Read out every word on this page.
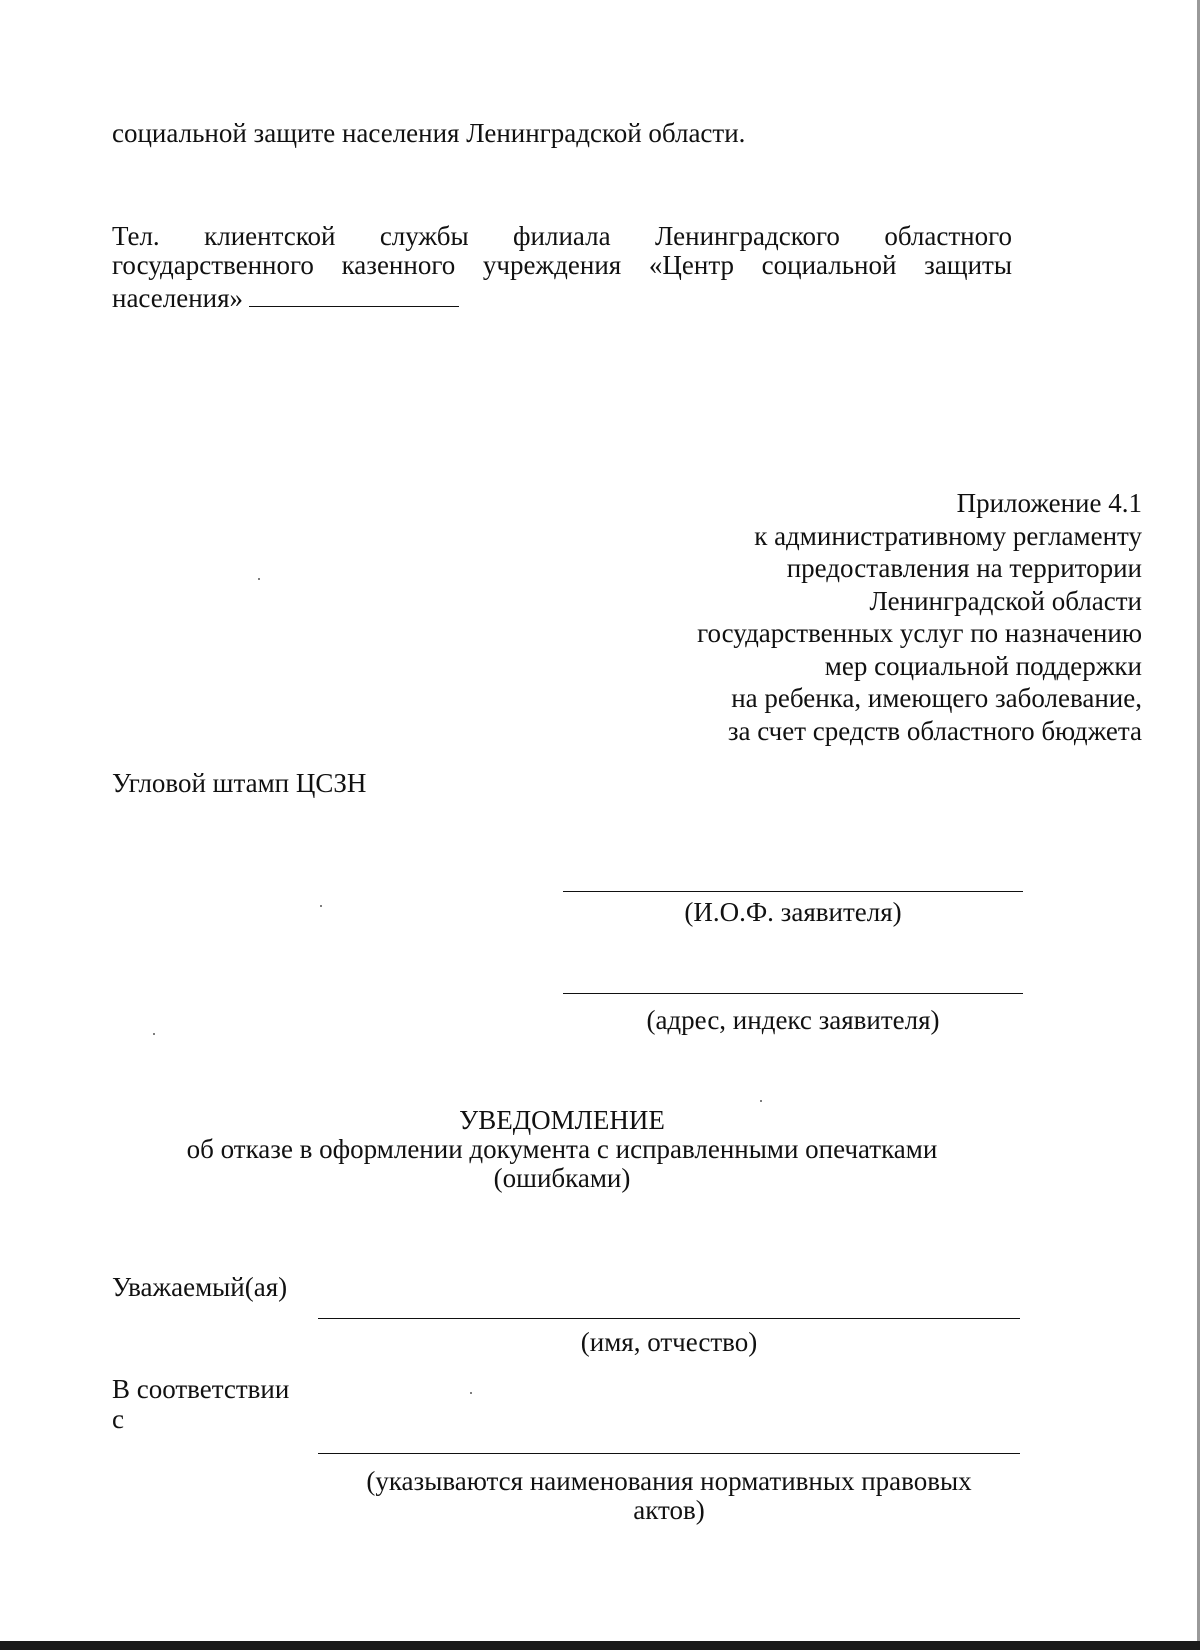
социальной защите населения Ленинградской области.
Тел. клиентской службы филиала Ленинградского областного
государственного казенного учреждения «Центр социальной защиты
населения»
Приложение 4.1
к административному регламенту
предоставления на территории
Ленинградской области
государственных услуг по назначению
мер социальной поддержки
на ребенка, имеющего заболевание,
за счет средств областного бюджета
Угловой штамп ЦСЗН
(И.О.Ф. заявителя)
(адрес, индекс заявителя)
УВЕДОМЛЕНИЕ
об отказе в оформлении документа с исправленными опечатками
(ошибками)
Уважаемый(ая)
(имя, отчество)
В соответствии
с
(указываются наименования нормативных правовых
актов)
